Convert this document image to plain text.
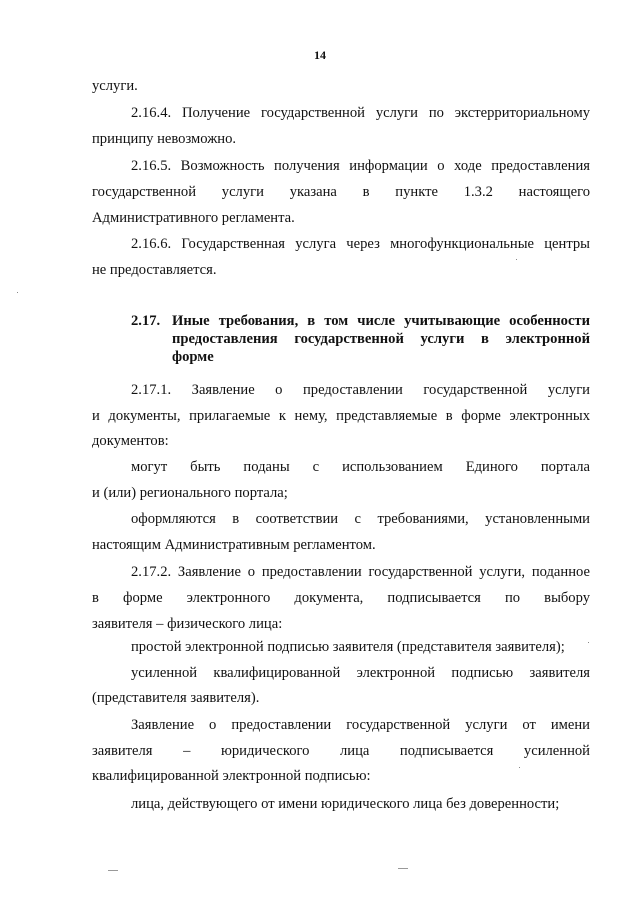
14
услуги.
2.16.4. Получение государственной услуги по экстерриториальному
принципу невозможно.
2.16.5. Возможность получения информации о ходе предоставления
государственной услуги указана в пункте 1.3.2 настоящего
Административного регламента.
2.16.6. Государственная услуга через многофункциональные центры
не предоставляется.
2.17. Иные требования, в том числе учитывающие особенности
предоставления государственной услуги в электронной
форме
2.17.1. Заявление о предоставлении государственной услуги
и документы, прилагаемые к нему, представляемые в форме электронных
документов:
могут быть поданы с использованием Единого портала
и (или) регионального портала;
оформляются в соответствии с требованиями, установленными
настоящим Административным регламентом.
2.17.2. Заявление о предоставлении государственной услуги, поданное
в форме электронного документа, подписывается по выбору
заявителя – физического лица:
простой электронной подписью заявителя (представителя заявителя);
усиленной квалифицированной электронной подписью заявителя
(представителя заявителя).
Заявление о предоставлении государственной услуги от имени
заявителя – юридического лица подписывается усиленной
квалифицированной электронной подписью:
лица, действующего от имени юридического лица без доверенности;
